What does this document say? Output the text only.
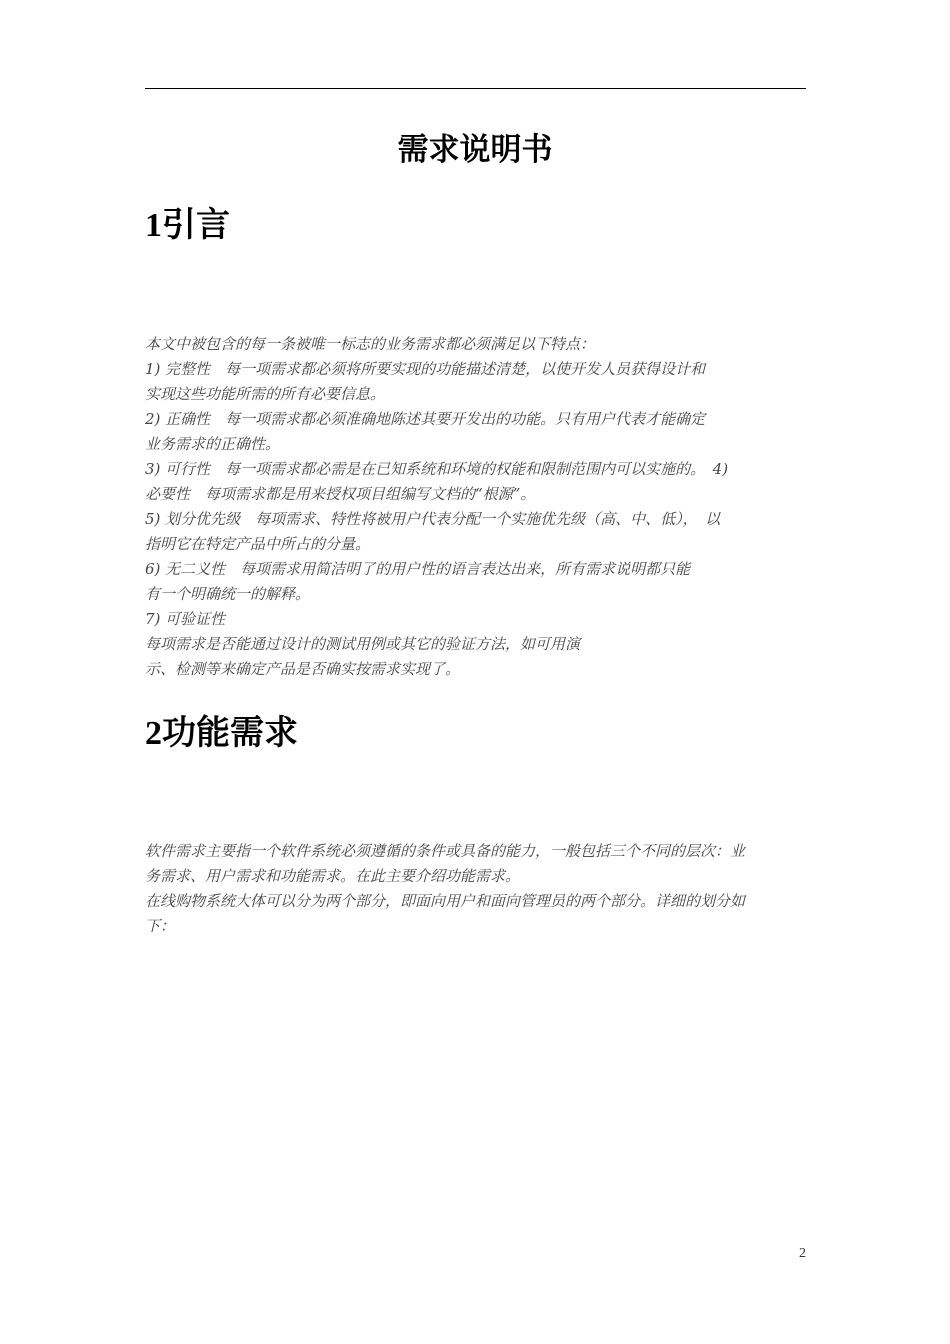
需求说明书
1引言

本文中被包含的每一条被唯一标志的业务需求都必须满足以下特点：

1) 完整性　每一项需求都必须将所要实现的功能描述清楚，以使开发人员获得设计和

实现这些功能所需的所有必要信息。

2) 正确性　每一项需求都必须准确地陈述其要开发出的功能。只有用户代表才能确定

业务需求的正确性。

3) 可行性　每一项需求都必需是在已知系统和环境的权能和限制范围内可以实施的。　4)

必要性　每项需求都是用来授权项目组编写文档的“根源”。

5) 划分优先级　每项需求、特性将被用户代表分配一个实施优先级（高、中、低），　以

指明它在特定产品中所占的分量。

6) 无二义性　每项需求用简洁明了的用户性的语言表达出来，所有需求说明都只能

有一个明确统一的解释。

7) 可验证性

每项需求是否能通过设计的测试用例或其它的验证方法，如可用演

示、检测等来确定产品是否确实按需求实现了。

2功能需求

软件需求主要指一个软件系统必须遵循的条件或具备的能力，一般包括三个不同的层次：业

务需求、用户需求和功能需求。在此主要介绍功能需求。

在线购物系统大体可以分为两个部分，即面向用户和面向管理员的两个部分。详细的划分如

下：

2
